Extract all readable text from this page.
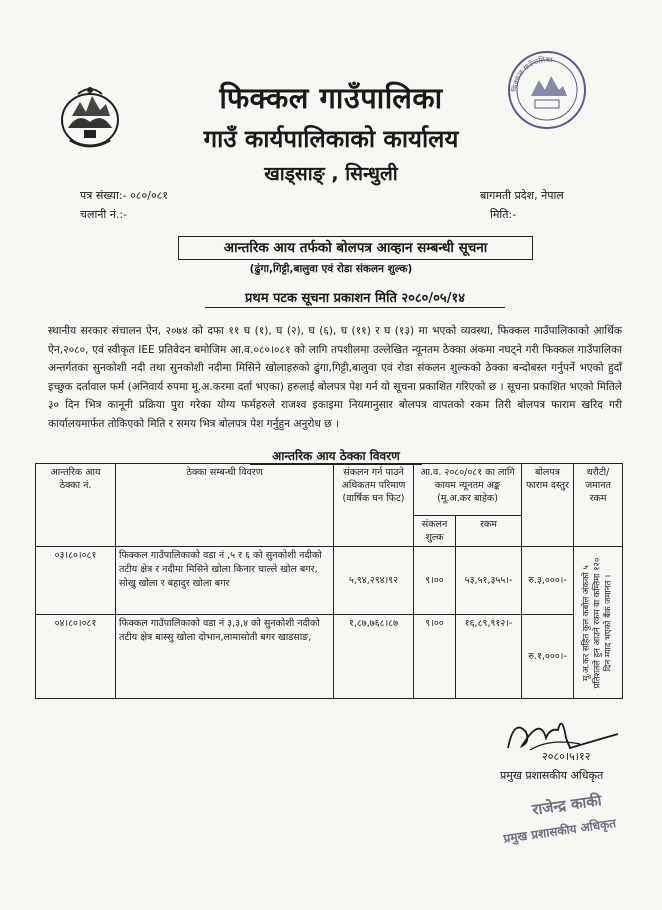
फिक्कल गाउँपालिका
गाउँ कार्यपालिकाको कार्यालय
खाड्साङ् , सिन्धुली
फिक्कल गाउँपालिका
पत्र संख्या:- ०८०/०८१
चलानी नं.:-
बागमती प्रदेश, नेपाल
मिति:-
आन्तरिक आय तर्फको बोलपत्र आव्हान सम्बन्धी सूचना
(ढुंगा,गिट्टी,बालुवा एवं रोडा संकलन शुल्क)
प्रथम पटक सूचना प्रकाशन मिति २०८०/०५/१४

स्थानीय सरकार संचालन ऐन, २०७४ को दफा ११ घ (१), घ (२), घ (६), घ (११) र घ (१३) मा भएको व्यवस्था, फिक्कल गाउँपालिकाको आर्थिक ऐन,२०८०, एवं स्वीकृत IEE प्रतिवेदन बमोजिम आ.व.०८०।०८१ को लागि तपशीलमा उल्लेखित न्यूनतम ठेक्का अंकमा नघट्ने गरी फिक्कल गाउँपालिका अन्तर्गतका सुनकोशी नदी तथा सुनकोशी नदीमा मिसिने खोलाहरुको ढुंगा,गिट्टी,बालुवा एवं रोडा संकलन शुल्कको ठेक्का बन्दोबस्त गर्नुपर्ने भएको हुदाँ इच्छुक दर्तावाल फर्म (अनिवार्य रुपमा मू.अ.करमा दर्ता भएका) हरुलाई बोलपत्र पेश गर्न यो सूचना प्रकाशित गरिएको छ । सूचना प्रकाशित भएको मितिले ३० दिन भित्र कानूनी प्रक्रिया पुरा गरेका योग्य फर्महरुले राजश्व इकाइमा नियमानुसार बोलपत्र वापतको रकम तिरी बोलपत्र फाराम खरिद गरी कार्यालयमार्फत तोकिएको मिति र समय भित्र बोलपत्र पेश गर्नुहुन अनुरोध छ ।

आन्तरिक आय ठेक्का विवरण
आन्तरिक आय ठेक्का नं.	ठेक्का सम्बन्धी विवरण	संकलन गर्न पाउने अधिकतम परिमाण (वार्षिक घन फिट)	आ.व. २०८०/०८१ का लागि कायम न्यूनतम अङ्क (मू.अ.कर बाहेक)		बोलपत्र फाराम दस्तुर	धरौटी/ जमानत रकम
			संकलन शुल्क	रकम		
०३।८०।०८१	फिक्कल गाउँपालिकाको वडा नं ,५ र ६ को सुनकोशी नदीको तटीय क्षेत्र र नदीमा मिसिने खोला किनार चाल्ले खोल बगर, सोखु खोला र बहादुर खोला बगर	५,९४,२९४।९२	९।००	५३,५१,३५५।-	रु.३,०००।-	मू.अ.कर सहित कुल कबोल अंकको ५ प्रतिशतले हुन आउने रकम वा कम्तिमा १२० दिन म्याद भएको बैंक जमानत ।

०४।८०।०८१	फिक्कल गाउँपालिकाको वडा नं ३,३,४ को सुनकोशी नदीको तटीय क्षेत्र बास्सु खोला दोभान,लामासोती बगर खाडसाङ,	१,८७,७६८।८७	९।००	१६,८९,९१२।-	रु.१,०००।-	
२०८०।५।१२
प्रमुख प्रशासकीय अधिकृत
राजेन्द्र काकी
प्रमुख प्रशासकीय अधिकृत
